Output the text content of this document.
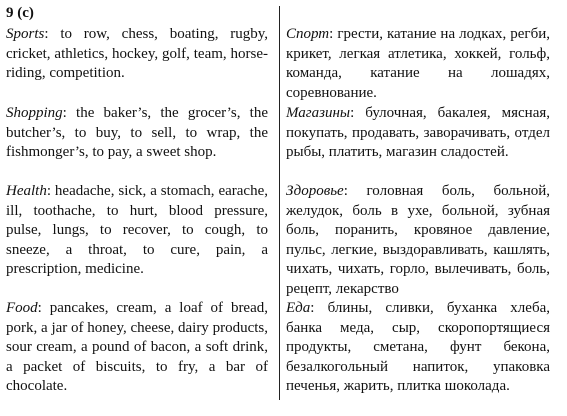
9 (c)
Sports: to row, chess, boating, rugby, cricket, athletics, hockey, golf, team, horse-riding, competition.
Спорт: грести, катание на лодках, регби, крикет, легкая атлетика, хоккей, гольф, команда, катание на лошадях, соревнование.
Shopping: the baker’s, the grocer’s, the butcher’s, to buy, to sell, to wrap, the fishmonger’s, to pay, a sweet shop.
Магазины: булочная, бакалея, мясная, покупать, продавать, заворачивать, отдел рыбы, платить, магазин сладостей.
Health: headache, sick, a stomach, earache, ill, toothache, to hurt, blood pressure, pulse, lungs, to recover, to cough, to sneeze, a throat, to cure, pain, a prescription, medicine.
Здоровье: головная боль, больной, желудок, боль в ухе, больной, зубная боль, поранить, кровяное давление, пульс, легкие, выздоравливать, кашлять, чихать, чихать, горло, вылечивать, боль, рецепт, лекарство
Food: pancakes, cream, a loaf of bread, pork, a jar of honey, cheese, dairy products, sour cream, a pound of bacon, a soft drink, a packet of biscuits, to fry, a bar of chocolate.
Еда: блины, сливки, буханка хлеба, банка меда, сыр, скоропортящиеся продукты, сметана, фунт бекона, безалкогольный напиток, упаковка печенья, жарить, плитка шоколада.
